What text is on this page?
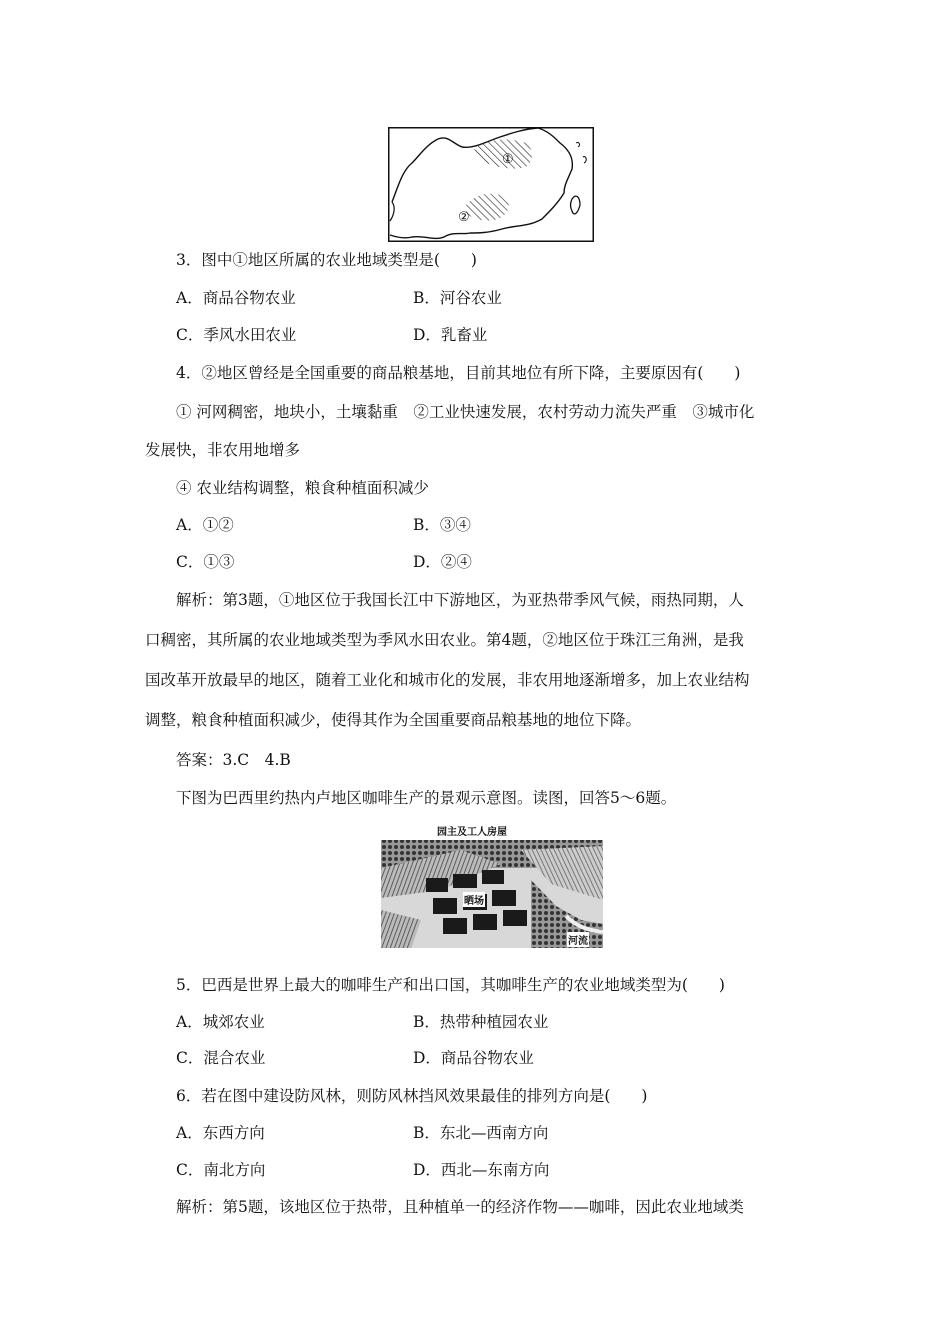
①
②
3．图中①地区所属的农业地域类型是(　　)
A．商品谷物农业	B．河谷农业
C．季风水田农业	D．乳畜业
4．②地区曾经是全国重要的商品粮基地，目前其地位有所下降，主要原因有(　　)
① 河网稠密，地块小，土壤黏重　②工业快速发展，农村劳动力流失严重　③城市化
发展快，非农用地增多
④ 农业结构调整，粮食种植面积减少
A．①②	B．③④
C．①③	D．②④
解析：第3题，①地区位于我国长江中下游地区，为亚热带季风气候，雨热同期，人
口稠密，其所属的农业地域类型为季风水田农业。第4题，②地区位于珠江三角洲，是我
国改革开放最早的地区，随着工业化和城市化的发展，非农用地逐渐增多，加上农业结构
调整，粮食种植面积减少，使得其作为全国重要商品粮基地的地位下降。
答案：3.C　4.B
下图为巴西里约热内卢地区咖啡生产的景观示意图。读图，回答5～6题。
园主及工人房屋
晒场
河流
5．巴西是世界上最大的咖啡生产和出口国，其咖啡生产的农业地域类型为(　　)
A．城郊农业	B．热带种植园农业
C．混合农业	D．商品谷物农业
6．若在图中建设防风林，则防风林挡风效果最佳的排列方向是(　　)
A．东西方向	B．东北—西南方向
C．南北方向	D．西北—东南方向
解析：第5题，该地区位于热带，且种植单一的经济作物——咖啡，因此农业地域类
